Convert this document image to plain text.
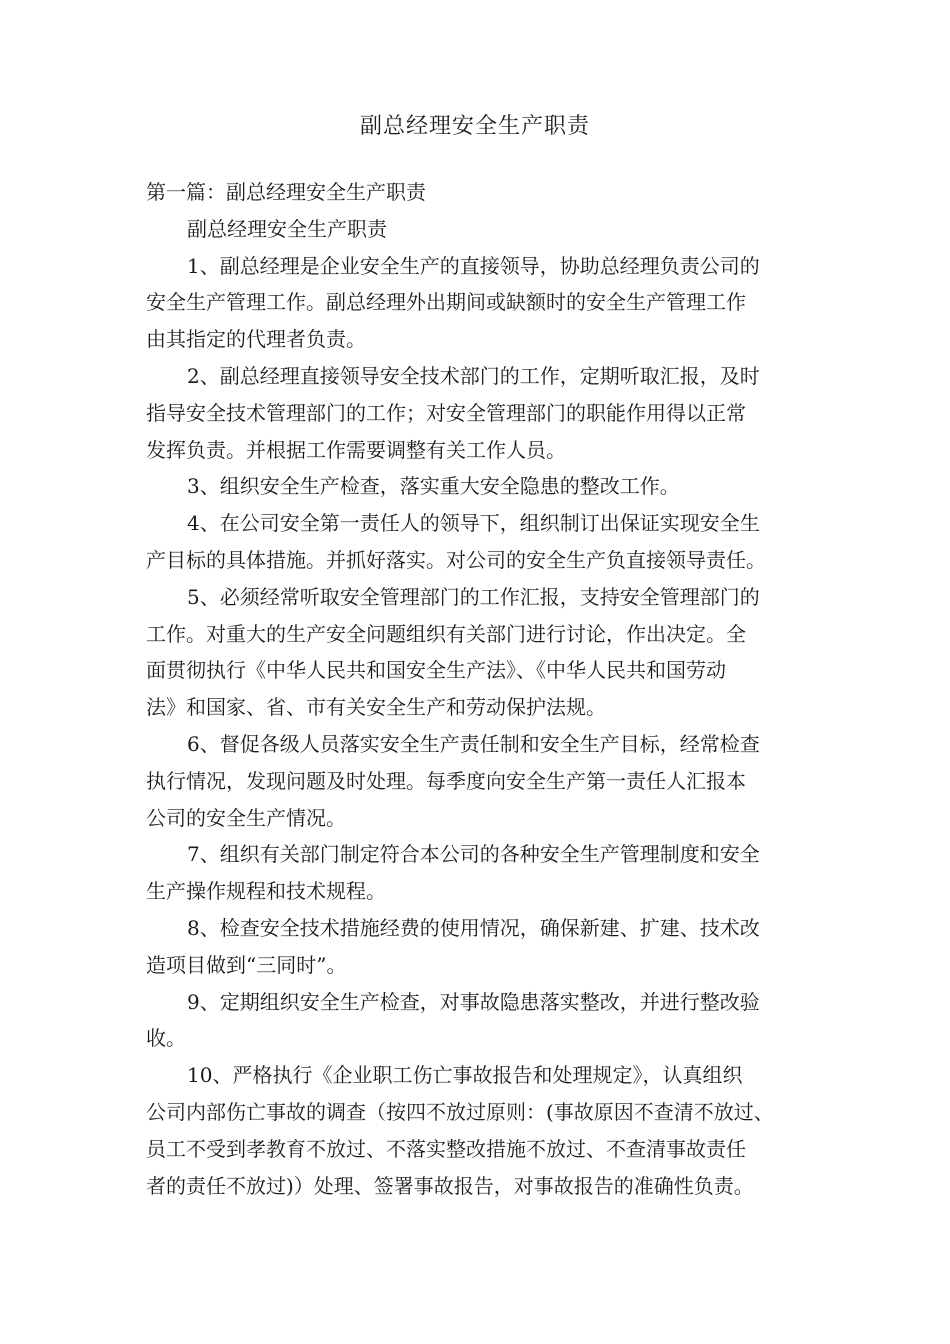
副总经理安全生产职责

第一篇：副总经理安全生产职责

副总经理安全生产职责

1、副总经理是企业安全生产的直接领导，协助总经理负责公司的

安全生产管理工作。副总经理外出期间或缺额时的安全生产管理工作

由其指定的代理者负责。

2、副总经理直接领导安全技术部门的工作，定期听取汇报，及时

指导安全技术管理部门的工作；对安全管理部门的职能作用得以正常

发挥负责。并根据工作需要调整有关工作人员。

3、组织安全生产检查，落实重大安全隐患的整改工作。

4、在公司安全第一责任人的领导下，组织制订出保证实现安全生

产目标的具体措施。并抓好落实。对公司的安全生产负直接领导责任。

5、必须经常听取安全管理部门的工作汇报，支持安全管理部门的

工作。对重大的生产安全问题组织有关部门进行讨论，作出决定。全

面贯彻执行《中华人民共和国安全生产法》、《中华人民共和国劳动

法》和国家、省、市有关安全生产和劳动保护法规。

6、督促各级人员落实安全生产责任制和安全生产目标，经常检查

执行情况，发现问题及时处理。每季度向安全生产第一责任人汇报本

公司的安全生产情况。

7、组织有关部门制定符合本公司的各种安全生产管理制度和安全

生产操作规程和技术规程。

8、检查安全技术措施经费的使用情况，确保新建、扩建、技术改

造项目做到“三同时”。

9、定期组织安全生产检查，对事故隐患落实整改，并进行整改验

收。

10、严格执行《企业职工伤亡事故报告和处理规定》，认真组织

公司内部伤亡事故的调查（按四不放过原则：(事故原因不查清不放过、

员工不受到孝教育不放过、不落实整改措施不放过、不查清事故责任

者的责任不放过)）处理、签署事故报告，对事故报告的准确性负责。
